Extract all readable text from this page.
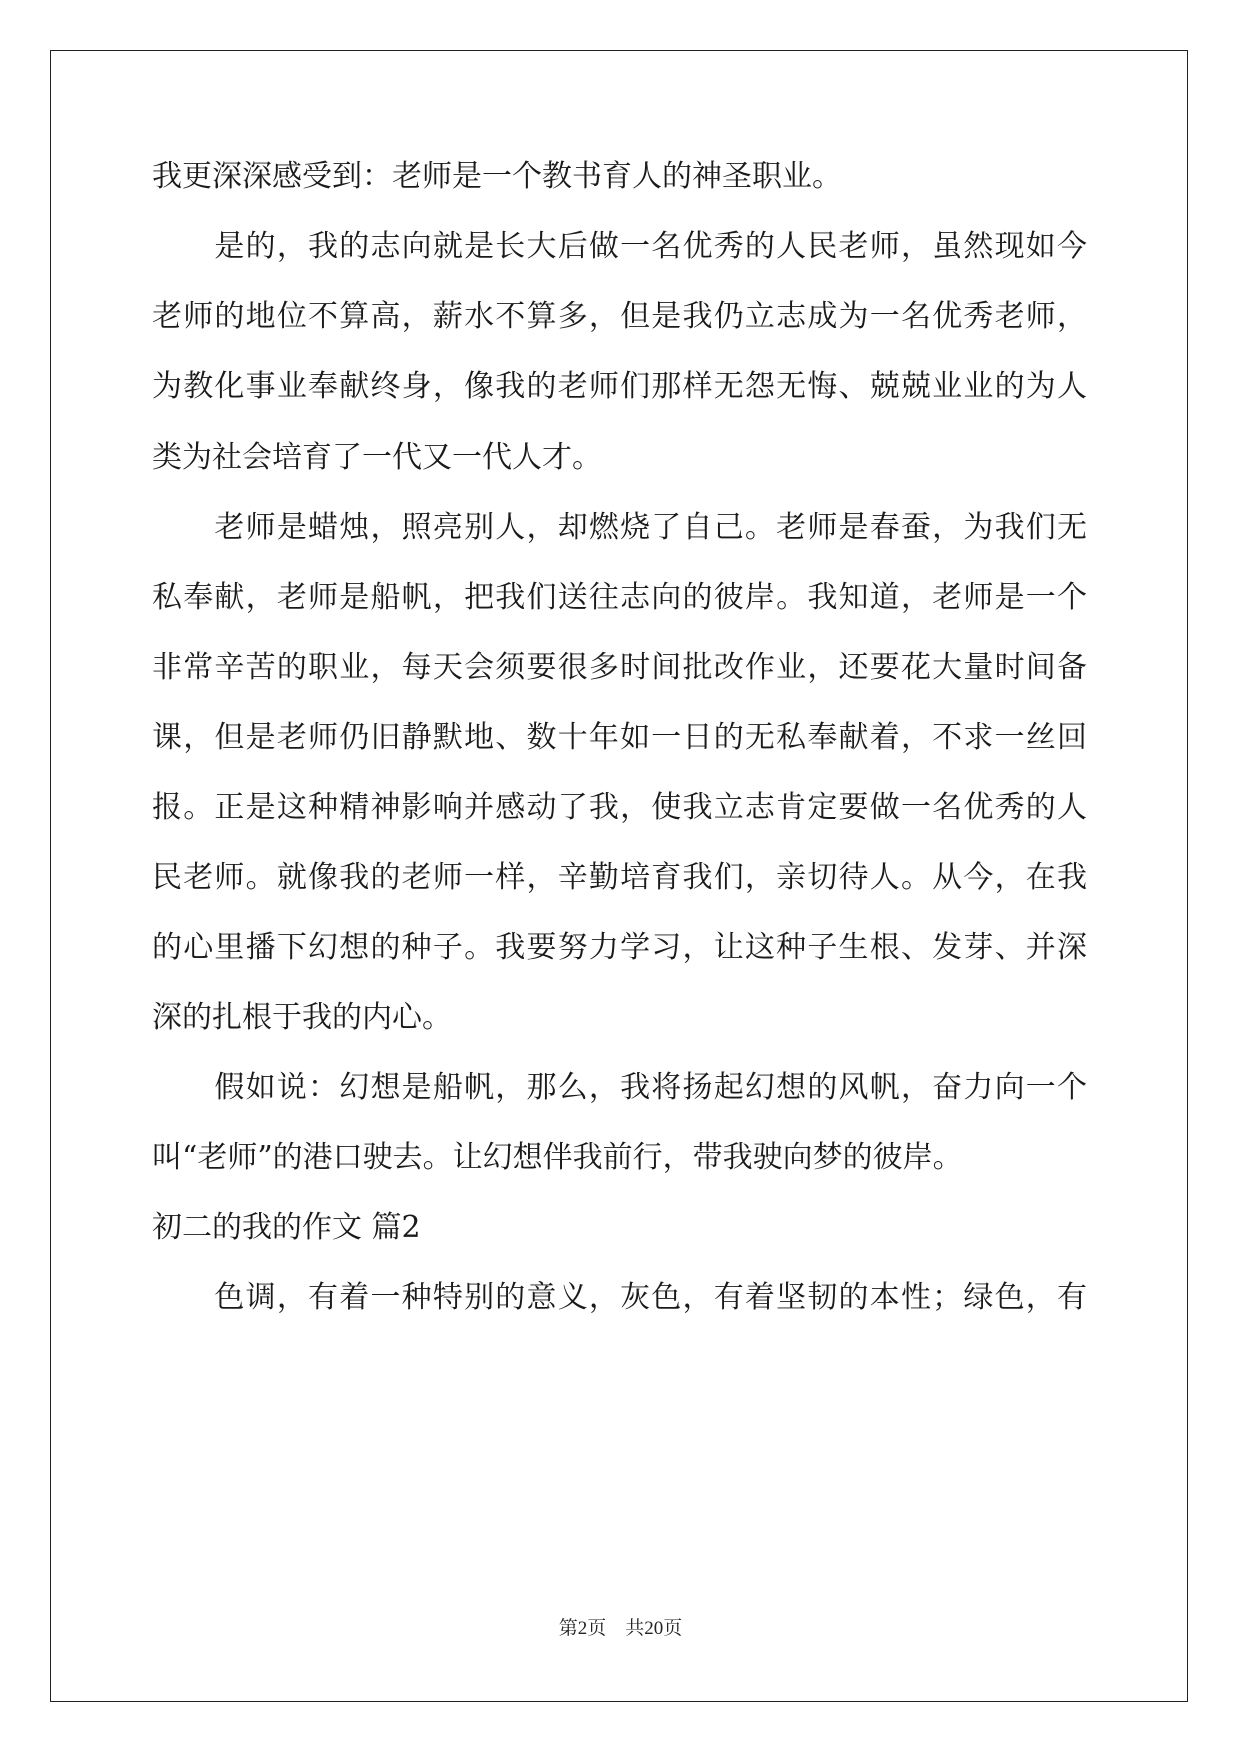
我更深深感受到：老师是一个教书育人的神圣职业。
　　是的，我的志向就是长大后做一名优秀的人民老师，虽然现如今
老师的地位不算高，薪水不算多，但是我仍立志成为一名优秀老师，
为教化事业奉献终身，像我的老师们那样无怨无悔、兢兢业业的为人
类为社会培育了一代又一代人才。
　　老师是蜡烛，照亮别人，却燃烧了自己。老师是春蚕，为我们无
私奉献，老师是船帆，把我们送往志向的彼岸。我知道，老师是一个
非常辛苦的职业，每天会须要很多时间批改作业，还要花大量时间备
课，但是老师仍旧静默地、数十年如一日的无私奉献着，不求一丝回
报。正是这种精神影响并感动了我，使我立志肯定要做一名优秀的人
民老师。就像我的老师一样，辛勤培育我们，亲切待人。从今，在我
的心里播下幻想的种子。我要努力学习，让这种子生根、发芽、并深
深的扎根于我的内心。
　　假如说：幻想是船帆，那么，我将扬起幻想的风帆，奋力向一个
叫“老师”的港口驶去。让幻想伴我前行，带我驶向梦的彼岸。
初二的我的作文 篇2
　　色调，有着一种特别的意义，灰色，有着坚韧的本性；绿色，有
第2页 共20页
